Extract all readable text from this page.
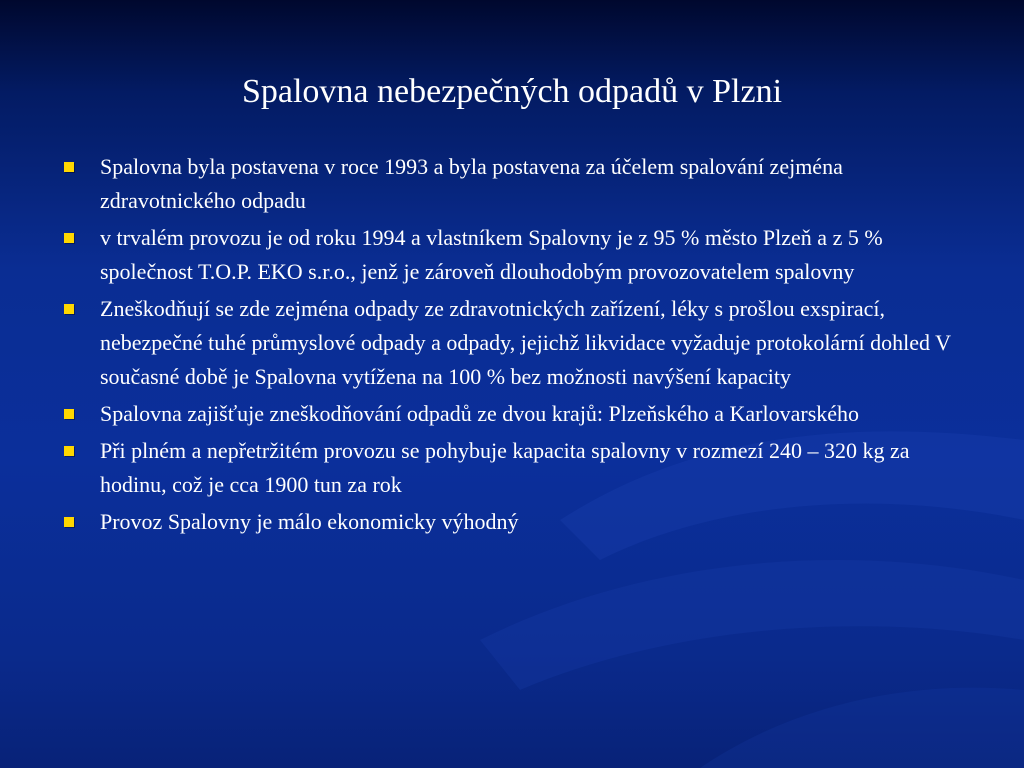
Spalovna nebezpečných odpadů v Plzni
Spalovna byla postavena v roce 1993 a byla postavena za účelem spalování zejména zdravotnického odpadu
v trvalém provozu je od roku 1994 a vlastníkem Spalovny je z 95 % město Plzeň a z 5 % společnost T.O.P. EKO s.r.o., jenž je zároveň dlouhodobým provozovatelem spalovny
Zneškodňují se zde zejména odpady ze zdravotnických zařízení, léky s prošlou exspirací, nebezpečné tuhé průmyslové odpady a odpady, jejichž likvidace vyžaduje protokolární dohled V současné době je Spalovna vytížena na 100 % bez možnosti navýšení kapacity
Spalovna zajišťuje zneškodňování odpadů ze dvou krajů: Plzeňského a Karlovarského
Při plném a nepřetržitém provozu se pohybuje kapacita spalovny v rozmezí 240 – 320 kg za hodinu, což je cca 1900 tun za rok
Provoz Spalovny je málo ekonomicky výhodný
